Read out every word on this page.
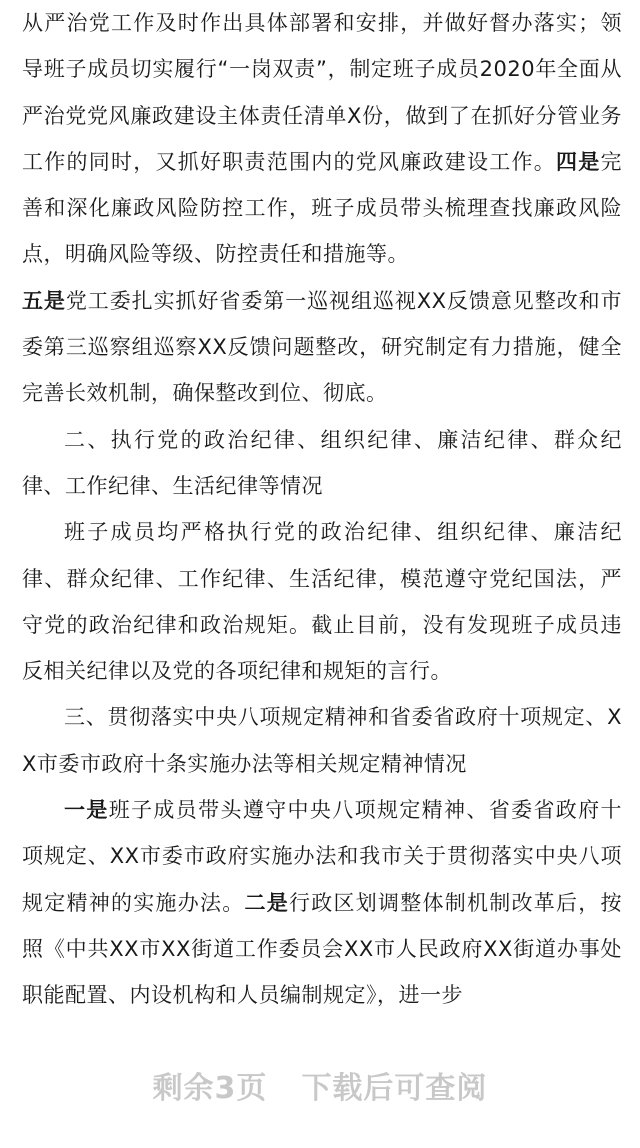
从严治党工作及时作出具体部署和安排，并做好督办落实；领导班子成员切实履行“一岗双责”，制定班子成员2020年全面从严治党党风廉政建设主体责任清单X份，做到了在抓好分管业务工作的同时，又抓好职责范围内的党风廉政建设工作。四是完善和深化廉政风险防控工作，班子成员带头梳理查找廉政风险点，明确风险等级、防控责任和措施等。
五是党工委扎实抓好省委第一巡视组巡视XX反馈意见整改和市委第三巡察组巡察XX反馈问题整改，研究制定有力措施，健全完善长效机制，确保整改到位、彻底。

二、执行党的政治纪律、组织纪律、廉洁纪律、群众纪律、工作纪律、生活纪律等情况

班子成员均严格执行党的政治纪律、组织纪律、廉洁纪律、群众纪律、工作纪律、生活纪律，模范遵守党纪国法，严守党的政治纪律和政治规矩。截止目前，没有发现班子成员违反相关纪律以及党的各项纪律和规矩的言行。

三、贯彻落实中央八项规定精神和省委省政府十项规定、XX市委市政府十条实施办法等相关规定精神情况

一是班子成员带头遵守中央八项规定精神、省委省政府十项规定、XX市委市政府实施办法和我市关于贯彻落实中央八项规定精神的实施办法。二是行政区划调整体制机制改革后，按照《中共XX市XX街道工作委员会XX市人民政府XX街道办事处职能配置、内设机构和人员编制规定》，进一步

剩余3页 下载后可查阅
